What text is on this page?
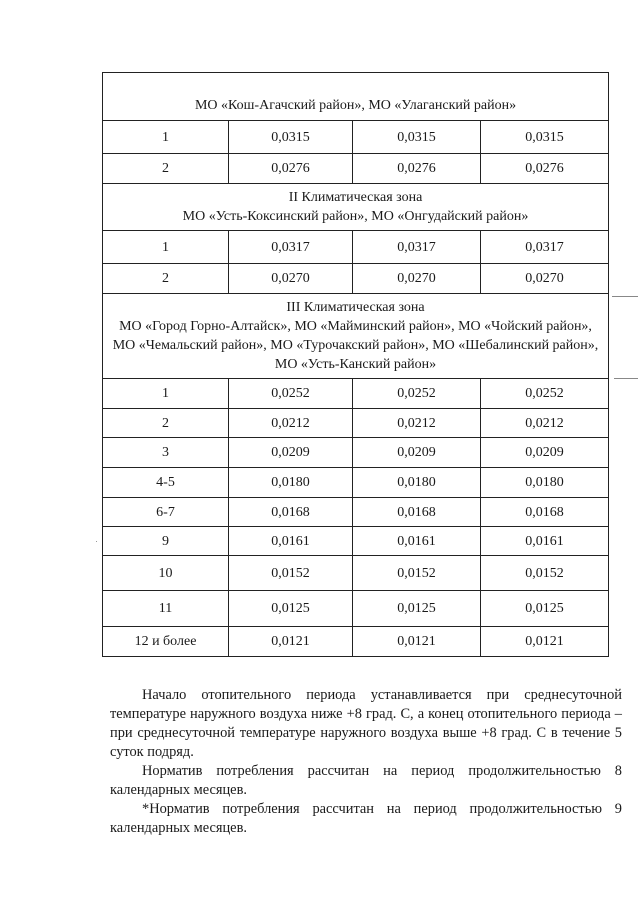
МО «Кош-Агачский район», МО «Улаганский район»			

1	0,0315	0,0315	0,0315
2	0,0276	0,0276	0,0276

II Климатическая зона
МО «Усть-Коксинский район», МО «Онгудайский район»			

1	0,0317	0,0317	0,0317
2	0,0270	0,0270	0,0270

III Климатическая зона
МО «Город Горно-Алтайск», МО «Майминский район», МО «Чойский район», МО «Чемальский район», МО «Турочакский район», МО «Шебалинский район», МО «Усть-Канский район»			

1	0,0252	0,0252	0,0252
2	0,0212	0,0212	0,0212
3	0,0209	0,0209	0,0209
4-5	0,0180	0,0180	0,0180
6-7	0,0168	0,0168	0,0168
9	0,0161	0,0161	0,0161
10	0,0152	0,0152	0,0152
11	0,0125	0,0125	0,0125
12 и более	0,0121	0,0121	0,0121

Начало отопительного периода устанавливается при среднесуточной температуре наружного воздуха ниже +8 град. С, а конец отопительного периода – при среднесуточной температуре наружного воздуха выше +8 град. С в течение 5 суток подряд.

Норматив потребления рассчитан на период продолжительностью 8 календарных месяцев.

*Норматив потребления рассчитан на период продолжительностью 9 календарных месяцев.
